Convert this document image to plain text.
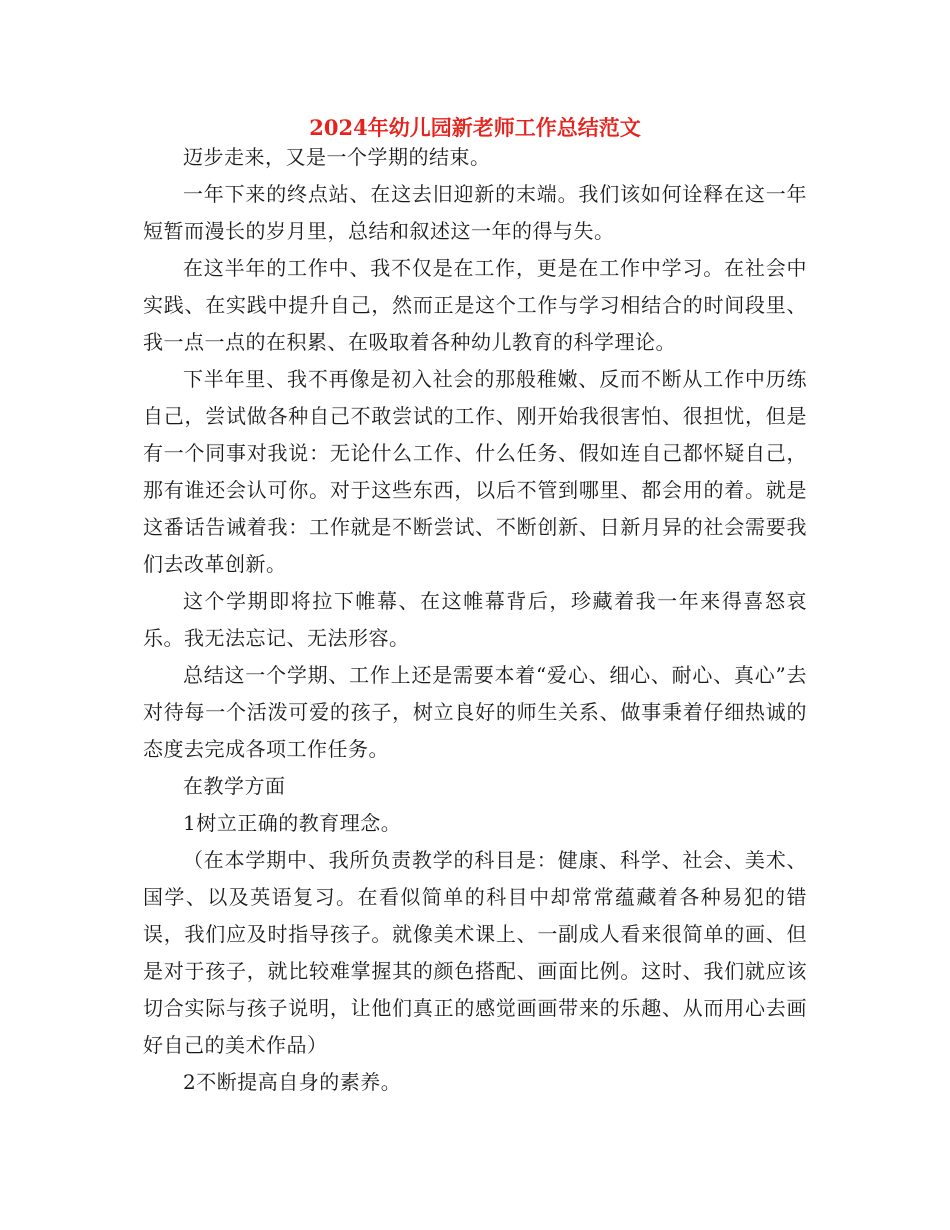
2024年幼儿园新老师工作总结范文

迈步走来，又是一个学期的结束。

一年下来的终点站、在这去旧迎新的末端。我们该如何诠释在这一年短暂而漫长的岁月里，总结和叙述这一年的得与失。

在这半年的工作中、我不仅是在工作，更是在工作中学习。在社会中实践、在实践中提升自己，然而正是这个工作与学习相结合的时间段里、我一点一点的在积累、在吸取着各种幼儿教育的科学理论。

下半年里、我不再像是初入社会的那般稚嫩、反而不断从工作中历练自己，尝试做各种自己不敢尝试的工作、刚开始我很害怕、很担忧，但是有一个同事对我说：无论什么工作、什么任务、假如连自己都怀疑自己，那有谁还会认可你。对于这些东西，以后不管到哪里、都会用的着。就是这番话告诫着我：工作就是不断尝试、不断创新、日新月异的社会需要我们去改革创新。

这个学期即将拉下帷幕、在这帷幕背后，珍藏着我一年来得喜怒哀乐。我无法忘记、无法形容。

总结这一个学期、工作上还是需要本着“爱心、细心、耐心、真心”去对待每一个活泼可爱的孩子，树立良好的师生关系、做事秉着仔细热诚的态度去完成各项工作任务。

在教学方面

1树立正确的教育理念。

（在本学期中、我所负责教学的科目是：健康、科学、社会、美术、国学、以及英语复习。在看似简单的科目中却常常蕴藏着各种易犯的错误，我们应及时指导孩子。就像美术课上、一副成人看来很简单的画、但是对于孩子，就比较难掌握其的颜色搭配、画面比例。这时、我们就应该切合实际与孩子说明，让他们真正的感觉画画带来的乐趣、从而用心去画好自己的美术作品）

2不断提高自身的素养。
